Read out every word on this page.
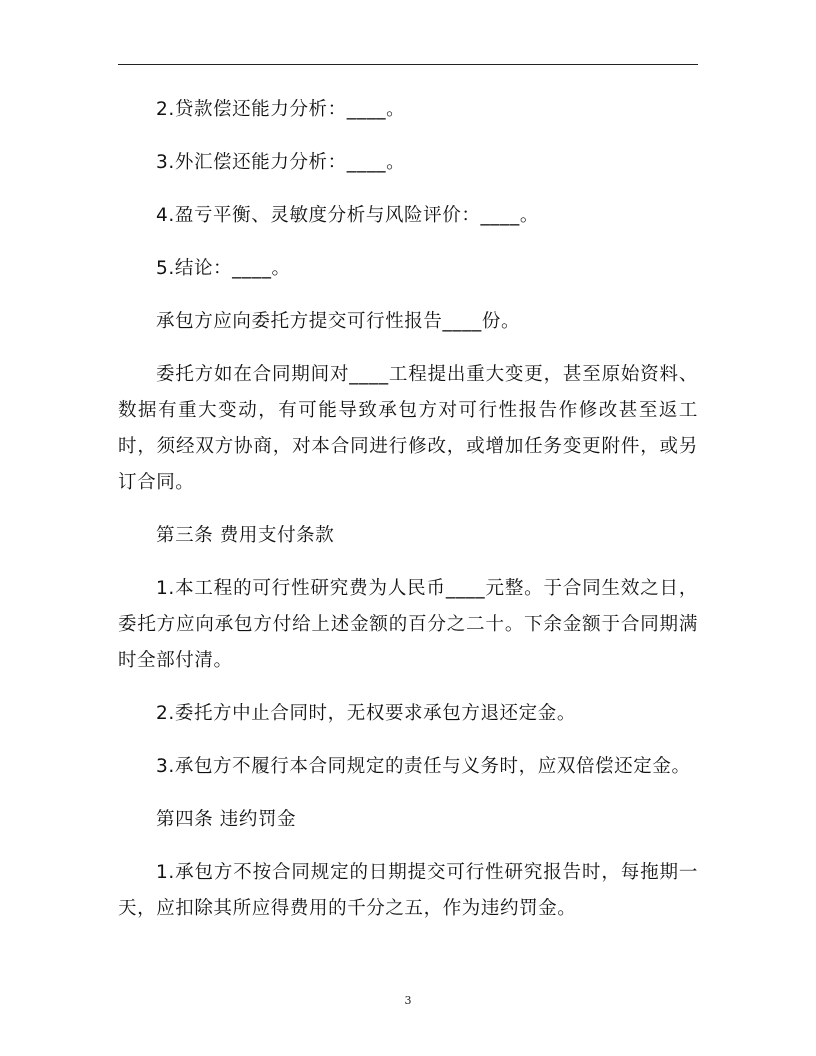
2.贷款偿还能力分析：____。

3.外汇偿还能力分析：____。

4.盈亏平衡、灵敏度分析与风险评价：____。

5.结论：____。

承包方应向委托方提交可行性报告____份。

委托方如在合同期间对____工程提出重大变更，甚至原始资料、数据有重大变动，有可能导致承包方对可行性报告作修改甚至返工时，须经双方协商，对本合同进行修改，或增加任务变更附件，或另订合同。

第三条 费用支付条款

1.本工程的可行性研究费为人民币____元整。于合同生效之日，委托方应向承包方付给上述金额的百分之二十。下余金额于合同期满时全部付清。

2.委托方中止合同时，无权要求承包方退还定金。

3.承包方不履行本合同规定的责任与义务时，应双倍偿还定金。

第四条 违约罚金

1.承包方不按合同规定的日期提交可行性研究报告时，每拖期一天，应扣除其所应得费用的千分之五，作为违约罚金。

3
